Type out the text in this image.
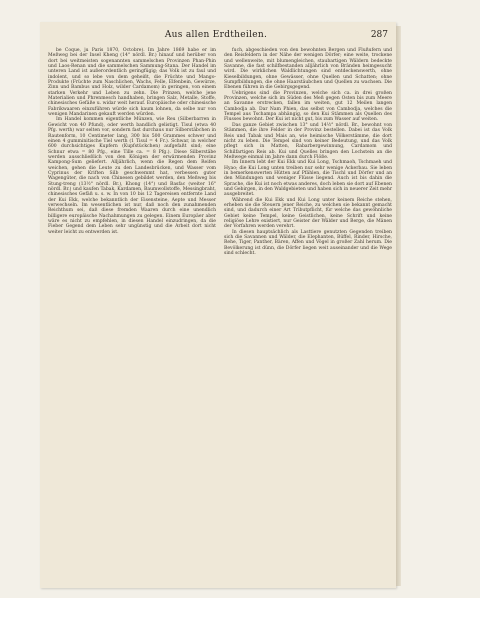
Aus allen Erdtheilen.	287

be Coque, ju Paris 1870, Octobre). Im Jahre 1869 habe er im Meßweg bei der Insel Kheng (14° nördl. Br.) hinauf und herüber von dort bei weitmeisten sogenannten sammelschen Provinzen Phan-Phin und Laos-Renan und die sammelschen Sammung-Stana. Der Handel im unteren Land ist außerordentlich geringfügig; das Volk ist zu faul und indolent, und so lebe von dem geheißt, die Früchte und Mango-Produkte (Früchte zum Naschlichen, Wachs, Felle, Elfenbein, Gewürze, Zinn und Bambus und Holz, wilder Cardamom) in geringen, von einem starken Verkehr und Leben zu zehn. Die Prinzen, welche jene Materialien und Phrenmesch handhaben, bringen Salz, Metalle, Stoffe, chinesisches Gefäße u. widar weit herauf. Europäische oder chinesische Fabrikwaaren einzuführen würde sich kaum lohnen, da selbe nur von wenigen Mandarinen gekauft werden würden.

Im Handel kommen eigentliche Münzen, wie Reu (Silberbarren in Gewicht von 40 Pfund), oder werth bandlich gelistigt. Tisul (etwa 40 Pfg. werth) war selten vor, sondern fast durchaus nur Silberstäbchen in Rautenform, 10 Centimeter lang, 300 bis 500 Grammes schwer und einen 4 gumminitische Tiel werth (1 Tisul = 4 Fr.). Schwar, in welcher 600 durchsichtiges Kupfern (Kupfstückchen) aufgefaßt sind; eine Schnur etwa = 80 Pfg., eine Tille ca. = 8 Pfg.). Diese Silberstäbe werden ausschließlich von den Königen der erwärmenden Provinz Kampong-Sum geliefert. Alljährlich, wenn die Regen dem Reifen weichen, gehen die Leute zu den Landesbrücken, und Wasser vom Cyprinus der Kriften Silb geschwemmt hat, verbessen guter Wagengüter, die nach von Chinesen gebildet werden, den Meßweg bis Stung-treng (13½° nördl. Br.), Khong (14°) und Basfac (weiter 16° nördl. Br.) und kaufen Tabak, Kardamen, Baumwollstoffe, Messingbraht, chinesisches Gefäß u. s. w. In von 10 bis 12 Tagereisen entfernte Land der Kui Ekk, welche bekanntlich der Eisensteine, Aepte und Messer verwechseln. Im wesentlichen ist nur, daß noch den zunahmenden Reichthum sei, daß diese fremden Waaren durch eine unendlich billigere europäische Nachahmungen zu gelegen. Einem Europäer aber wäre es nicht zu empfehlen, in diesen Handel einzudringen, da die Fieber Gegend dem Leben sehr ungünstig und die Arbeit dort nicht weiter leicht zu entwerden ist.

fuch, abgeschieden von den bewohnten Bergen und Flußufern und den Reisfeldern in der Nähe der wenigen Dörfer; eine weite, trockene und wellenweite, mit blumengleichen, staubartigen Wäldern bedeckte Savanne, die fast schilfbestanden alljährlich von Bränden heimgesucht wird. Die wirklichen Waldlichtungen sind entdeckenswerth, ohne Kieselbildungen, ohne Gewässer, ohne Quellen und Schatten; ohne Sumpfbildungen, die ohne Haarstäubchen und Quellen zu wachsen. Die Ebenen führen in die Gebirgsgegend.

Uebrigens sind die Provinzen, welche sich ca. in drei großen Provinzen, welche sich im Süden des Meß gegen Osten bis zum Meere an Savanne erstrecken, fallen im weiten, gut 12 Meilen langen Cambodja ab. Dar Nam Phien, das selbst von Cambodja, welches die Tempel aus Tschampa abhängig, so den Kui Stämmen als Quellen des Flusses bewohnt. Der Kui ist nicht gut, bis zum Wasser auf weiten.

Das ganze Gebiet zwischen 13° und 14½° nördl. Br., bewohnt von Stämmen, die ihre Felder in der Provinz bestellen. Dabei ist das Volk Reis und Tabak und Mais an, wie heimische Völkerstämme, die dort nicht zu leben. Die Tempel sind von keiner Bedeutung, und das Volk pflegt sich in Matten, Rabarbergewinnung, Cardamom und Schilfartigen Reis ab. Kui und Quelles bringen den Lochstein an die Meßwege einmal im Jahre dann durch Flöße.

Im Innern lebt der Kui Ekk und Kui Long, Tschmaoh, Tschmaeh und Hyao; die Kui Long unten treiben nur sehr wenige Ackerbau. Sie leben in bemerkenswerten Hütten auf Pfählen, die Tischl und Dörfer und an den Mündungen und weniger Flüsse liegend. Auch ist bis dahin die Sprache, die Kui ist noch etwas anderes, doch leben sie dort auf Ebenen und Gebirgen, in den Waldgebieten und haben sich in neuerer Zeit mehr ausgebreitet.

Während die Kui Ekk und Kui Long unter keinem Reiche stehen, erheben sie die Steuern jener Reiche, zu welchen sie bekannt gemacht sind, und dadurch einer Art Tributpflicht, für welche das gewöhnliche Gebiet keine Tempel, keine Geistlichen, keine Schrift und keine religiöse Lehre existiert, nur Geister der Wälder und Berge, die Mänen der Vorfahren werden verehrt.

In diesen hauptsächlich als Lasttiere genutzten Gegenden treiben sich die Savannen und Wälder, die Elephanten, Büffel, Rinder, Hirsche, Rehe, Tiger, Panther, Bären, Affen und Vögel in großer Zahl herum. Die Bevölkerung ist dünn, die Dörfer liegen weit auseinander und die Wege sind schlecht.
